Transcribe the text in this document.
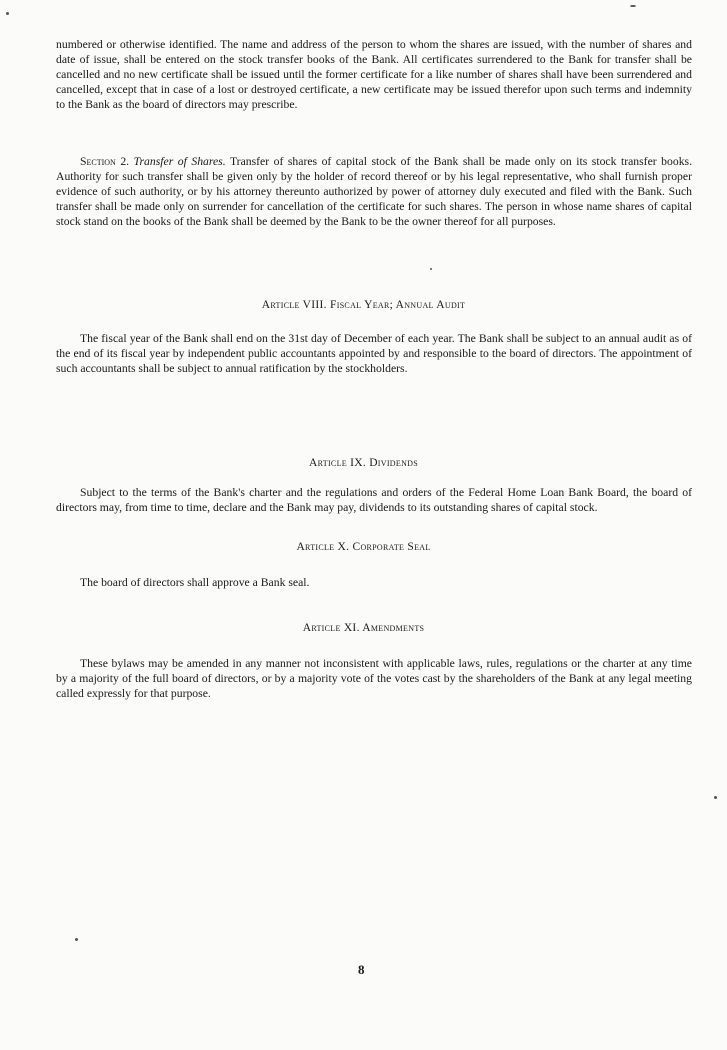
numbered or otherwise identified. The name and address of the person to whom the shares are issued, with the number of shares and date of issue, shall be entered on the stock transfer books of the Bank. All certificates surrendered to the Bank for transfer shall be cancelled and no new certificate shall be issued until the former certificate for a like number of shares shall have been surrendered and cancelled, except that in case of a lost or destroyed certificate, a new certificate may be issued therefor upon such terms and indemnity to the Bank as the board of directors may prescribe.
Section 2. Transfer of Shares. Transfer of shares of capital stock of the Bank shall be made only on its stock transfer books. Authority for such transfer shall be given only by the holder of record thereof or by his legal representative, who shall furnish proper evidence of such authority, or by his attorney thereunto authorized by power of attorney duly executed and filed with the Bank. Such transfer shall be made only on surrender for cancellation of the certificate for such shares. The person in whose name shares of capital stock stand on the books of the Bank shall be deemed by the Bank to be the owner thereof for all purposes.
Article VIII. Fiscal Year; Annual Audit
The fiscal year of the Bank shall end on the 31st day of December of each year. The Bank shall be subject to an annual audit as of the end of its fiscal year by independent public accountants appointed by and responsible to the board of directors. The appointment of such accountants shall be subject to annual ratification by the stockholders.
Article IX. Dividends
Subject to the terms of the Bank's charter and the regulations and orders of the Federal Home Loan Bank Board, the board of directors may, from time to time, declare and the Bank may pay, dividends to its outstanding shares of capital stock.
Article X. Corporate Seal
The board of directors shall approve a Bank seal.
Article XI. Amendments
These bylaws may be amended in any manner not inconsistent with applicable laws, rules, regulations or the charter at any time by a majority of the full board of directors, or by a majority vote of the votes cast by the shareholders of the Bank at any legal meeting called expressly for that purpose.
8
